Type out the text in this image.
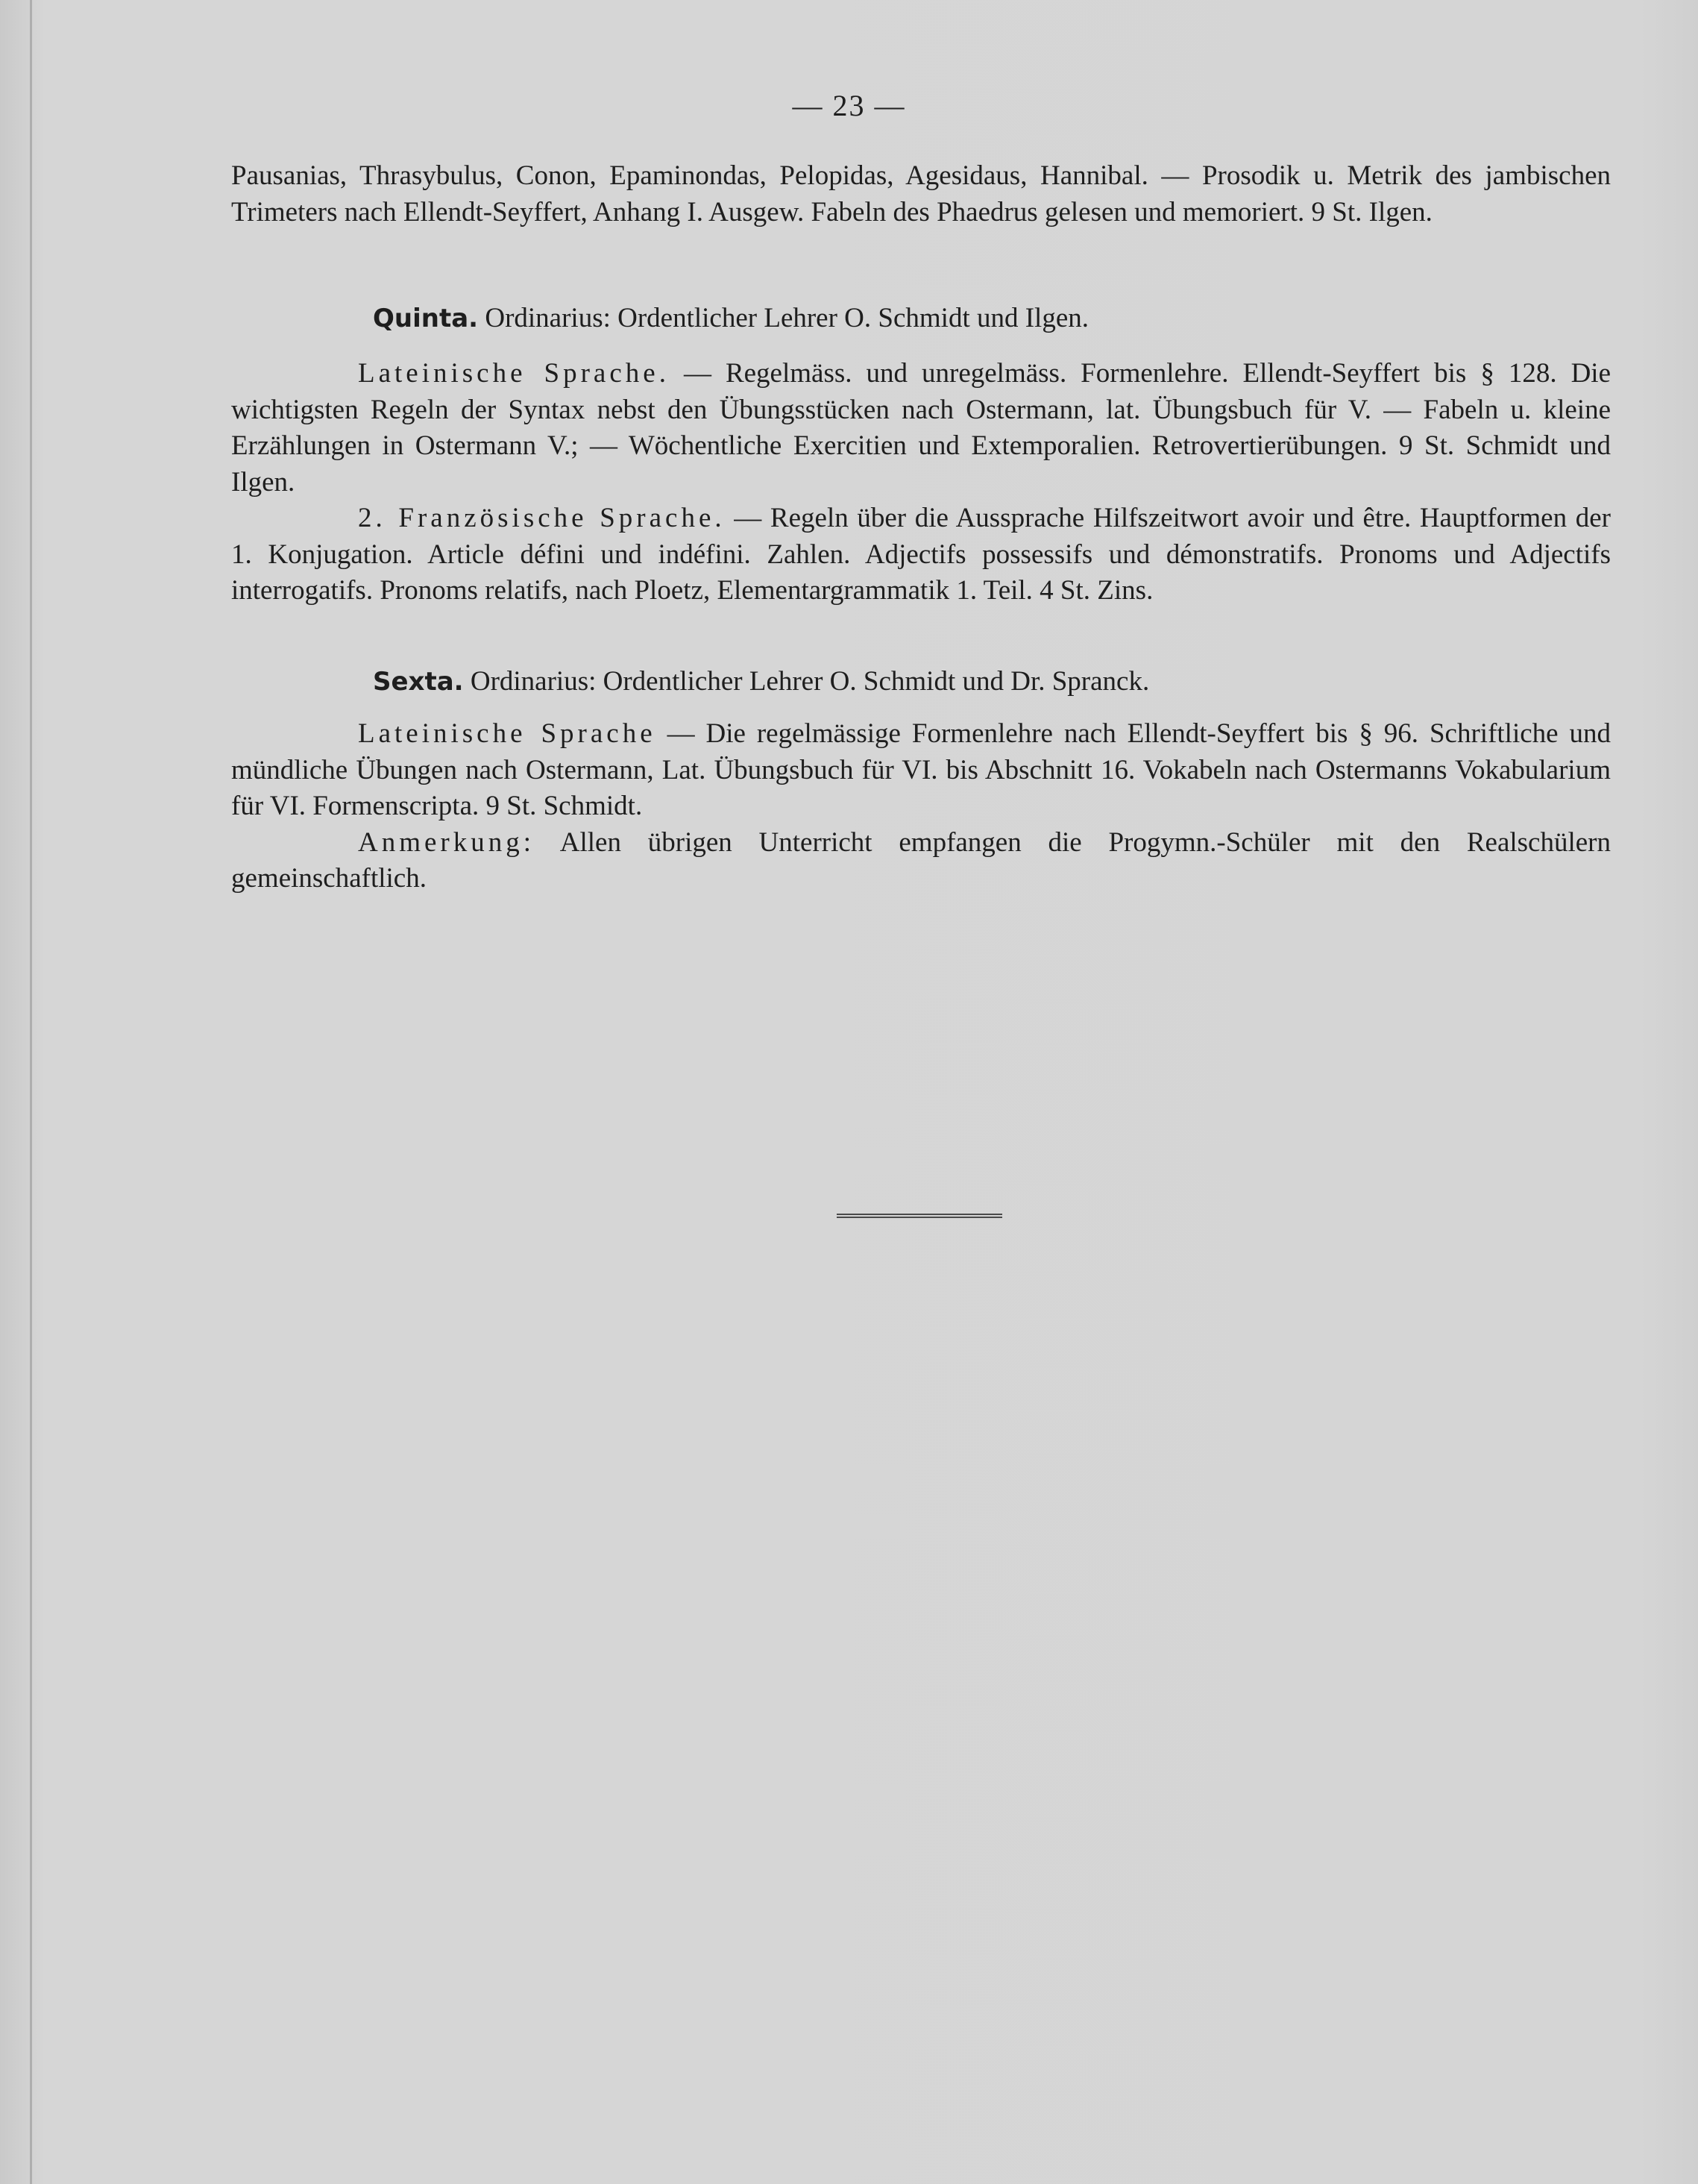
— 23 —

Pausanias, Thrasybulus, Conon, Epaminondas, Pelopidas, Agesidaus, Hannibal. — Prosodik u. Metrik des jambischen Trimeters nach Ellendt-Seyffert, Anhang I. Ausgew. Fabeln des Phaedrus gelesen und memoriert. 9 St. Ilgen.

Quinta. Ordinarius: Ordentlicher Lehrer O. Schmidt und Ilgen.

Lateinische Sprache. — Regelmäss. und unregelmäss. Formenlehre. Ellendt-Seyffert bis § 128. Die wichtigsten Regeln der Syntax nebst den Übungsstücken nach Ostermann, lat. Übungsbuch für V. — Fabeln u. kleine Erzählungen in Ostermann V.; — Wöchentliche Exercitien und Extemporalien. Retrovertierübungen. 9 St. Schmidt und Ilgen.

2. Französische Sprache. — Regeln über die Aussprache Hilfszeitwort avoir und être. Hauptformen der 1. Konjugation. Article défini und indéfini. Zahlen. Adjectifs possessifs und démonstratifs. Pronoms und Adjectifs interrogatifs. Pronoms relatifs, nach Ploetz, Elementargrammatik 1. Teil. 4 St. Zins.

Sexta. Ordinarius: Ordentlicher Lehrer O. Schmidt und Dr. Spranck.

Lateinische Sprache — Die regelmässige Formenlehre nach Ellendt-Seyffert bis § 96. Schriftliche und mündliche Übungen nach Ostermann, Lat. Übungsbuch für VI. bis Abschnitt 16. Vokabeln nach Ostermanns Vokabularium für VI. Formenscripta. 9 St. Schmidt.

Anmerkung: Allen übrigen Unterricht empfangen die Progymn.-Schüler mit den Realschülern gemeinschaftlich.
